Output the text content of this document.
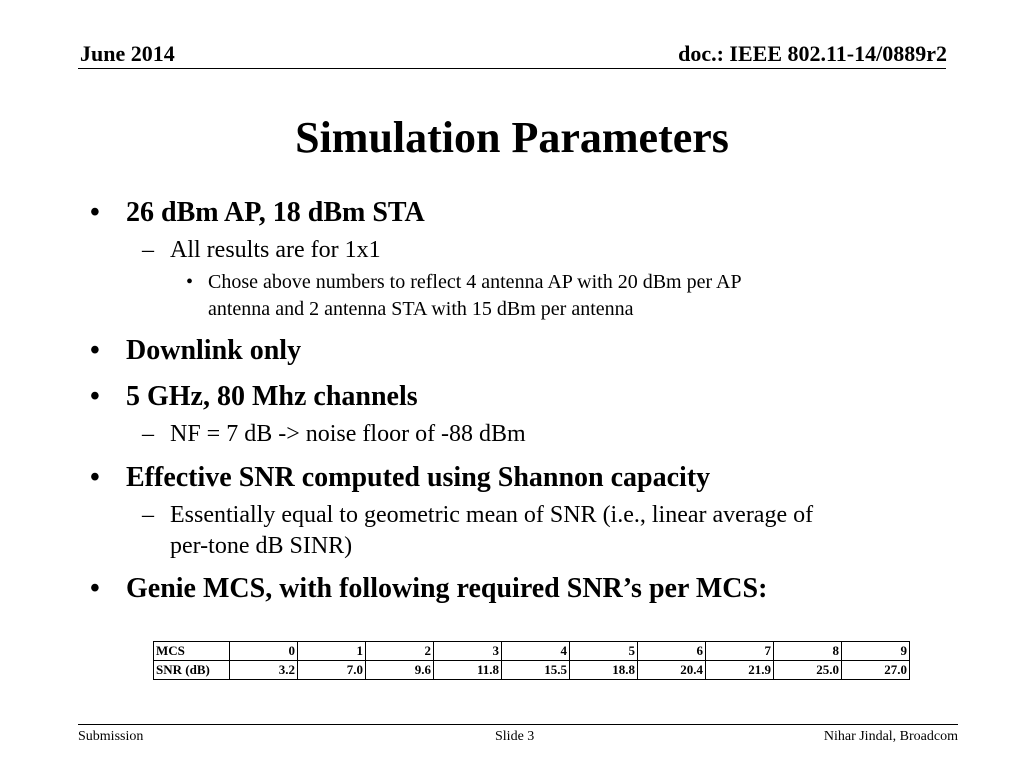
June 2014	doc.: IEEE 802.11-14/0889r2
Simulation Parameters
• 26 dBm AP, 18 dBm STA
– All results are for 1x1
• Chose above numbers to reflect 4 antenna AP with 20 dBm per AP
antenna and 2 antenna STA with 15 dBm per antenna
• Downlink only
• 5 GHz, 80 Mhz channels
– NF = 7 dB -> noise floor of -88 dBm
• Effective SNR computed using Shannon capacity
– Essentially equal to geometric mean of SNR (i.e., linear average of
per-tone dB SINR)
• Genie MCS, with following required SNR’s per MCS:
MCS	0	1	2	3	4	5	6	7	8	9
SNR (dB)	3.2	7.0	9.6	11.8	15.5	18.8	20.4	21.9	25.0	27.0
Submission	Slide 3	Nihar Jindal, Broadcom
